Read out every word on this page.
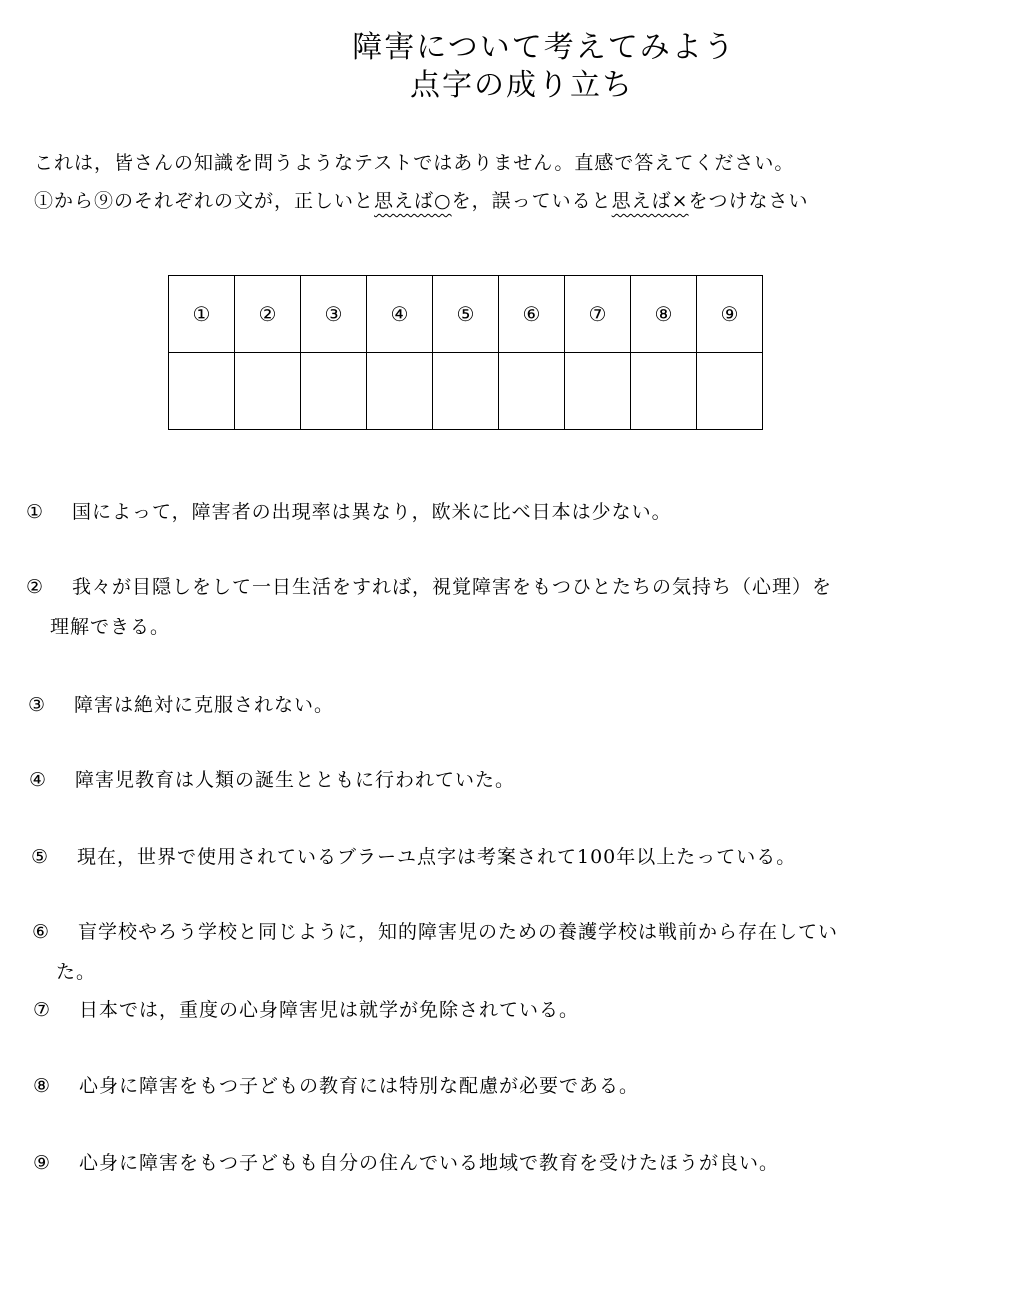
障害について考えてみよう
点字の成り立ち
これは，皆さんの知識を問うようなテストではありません。直感で答えてください。
①から⑨のそれぞれの文が，正しいと思えば○を，誤っていると思えば×をつけなさい
①	②	③	④	⑤	⑥	⑦	⑧	⑨

① 国によって，障害者の出現率は異なり，欧米に比べ日本は少ない。
② 我々が目隠しをして一日生活をすれば，視覚障害をもつひとたちの気持ち（心理）を
理解できる。
③ 障害は絶対に克服されない。
④ 障害児教育は人類の誕生とともに行われていた。
⑤ 現在，世界で使用されているブラーユ点字は考案されて100年以上たっている。
⑥ 盲学校やろう学校と同じように，知的障害児のための養護学校は戦前から存在してい
た。
⑦ 日本では，重度の心身障害児は就学が免除されている。
⑧ 心身に障害をもつ子どもの教育には特別な配慮が必要である。
⑨ 心身に障害をもつ子どもも自分の住んでいる地域で教育を受けたほうが良い。
